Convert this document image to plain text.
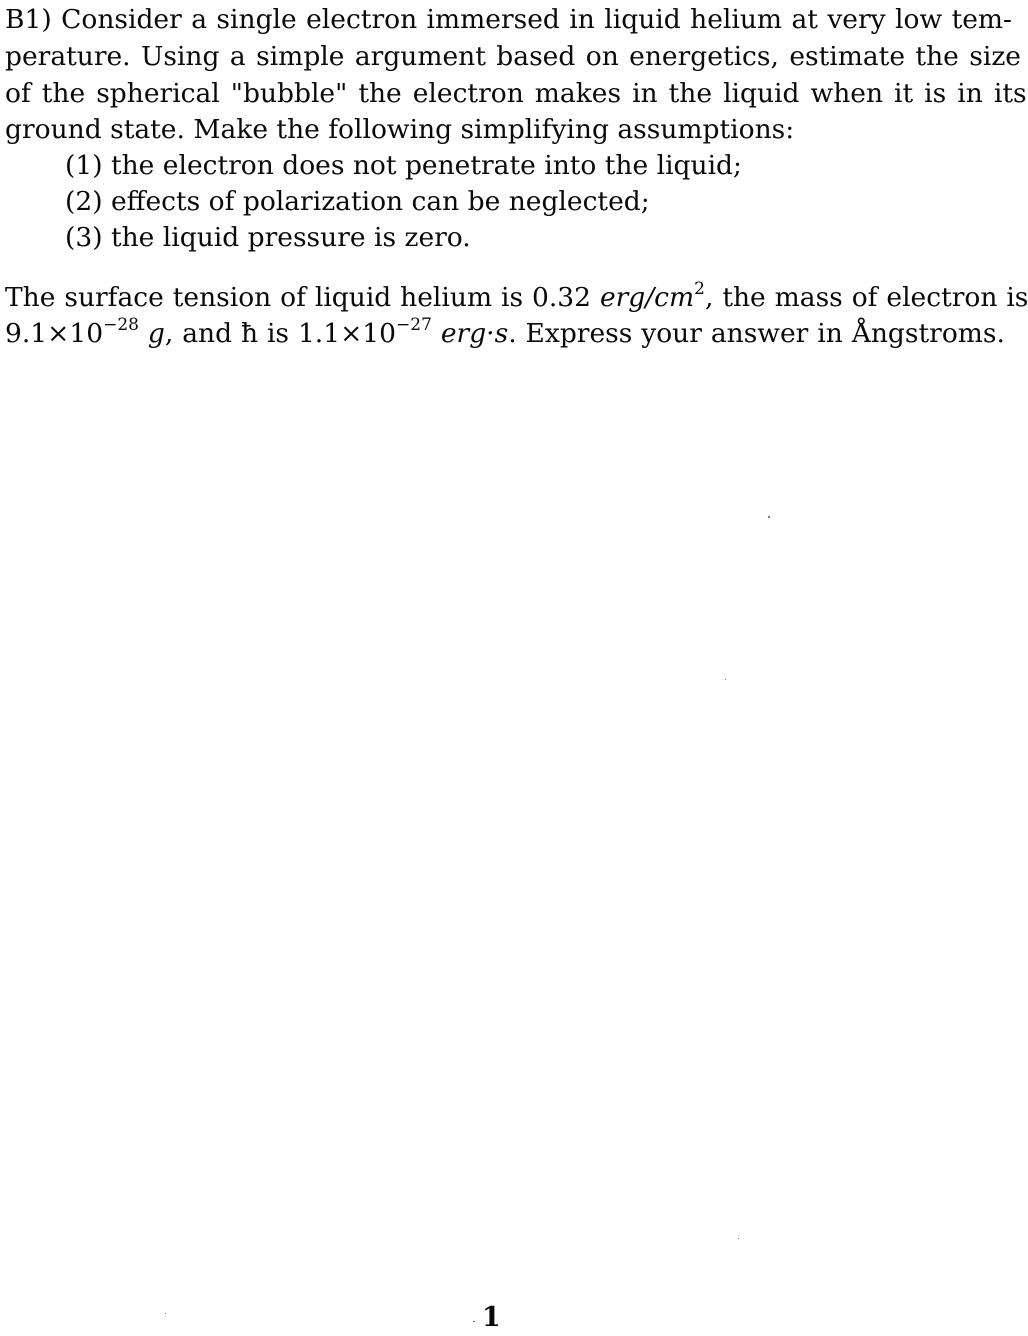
B1) Consider a single electron immersed in liquid helium at very low tem-
perature. Using a simple argument based on energetics, estimate the size
of the spherical "bubble" the electron makes in the liquid when it is in its
ground state. Make the following simplifying assumptions:
(1) the electron does not penetrate into the liquid;
(2) effects of polarization can be neglected;
(3) the liquid pressure is zero.
The surface tension of liquid helium is 0.32 erg/$cm^2$, the mass of electron is
$9.1\times 10^{-28}$ g, and ħ is $1.1\times 10^{-27}$ erg·s. Express your answer in Ångstroms.
1
